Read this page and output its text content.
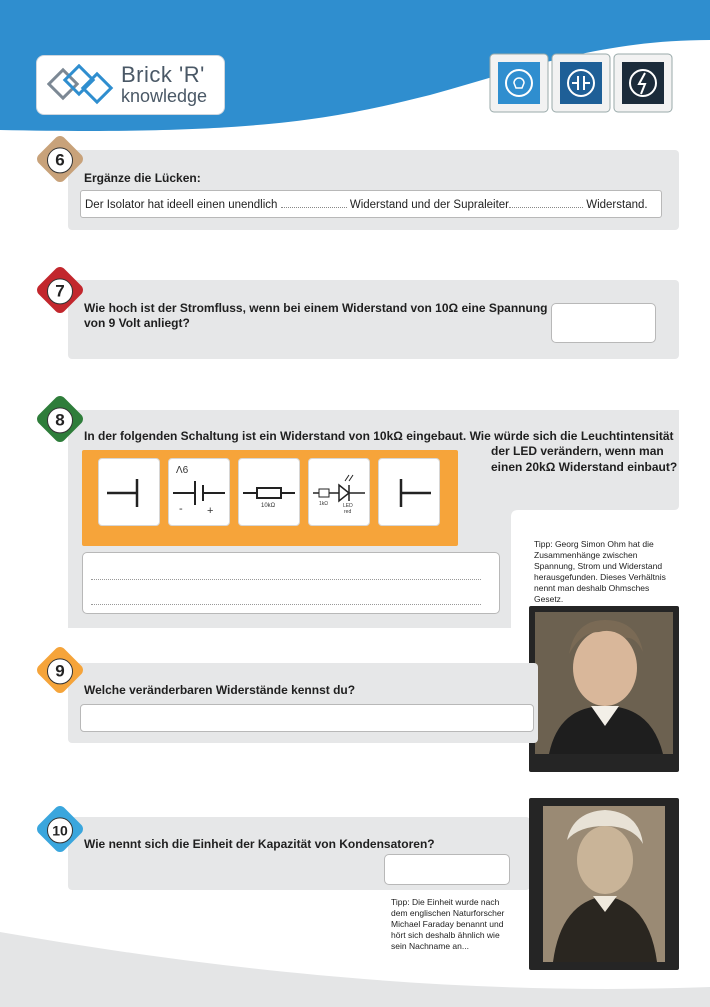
Brick 'R'
knowledge
6
Ergänze die Lücken:
Der Isolator hat ideell einen unendlich	Widerstand und der Supraleiter	Widerstand.
7
Wie hoch ist der Stromfluss, wenn bei einem Widerstand von 10Ω eine Spannung
von 9 Volt anliegt?
8
In der folgenden Schaltung ist ein Widerstand von 10kΩ eingebaut. Wie würde sich die Leuchtintensität
der LED verändern, wenn man
einen 20kΩ Widerstand einbaut?
9V
- +	10kΩ	1kΩ	LED
red
Tipp: Georg Simon Ohm hat die Zusammenhänge zwischen Spannung, Strom und Widerstand herausgefunden. Dieses Verhältnis nennt man deshalb Ohmsches Gesetz.
9
Welche veränderbaren Widerstände kennst du?
10
Wie nennt sich die Einheit der Kapazität von Kondensatoren?
Tipp: Die Einheit wurde nach dem englischen Naturforscher Michael Faraday benannt und hört sich deshalb ähnlich wie sein Nachname an...
